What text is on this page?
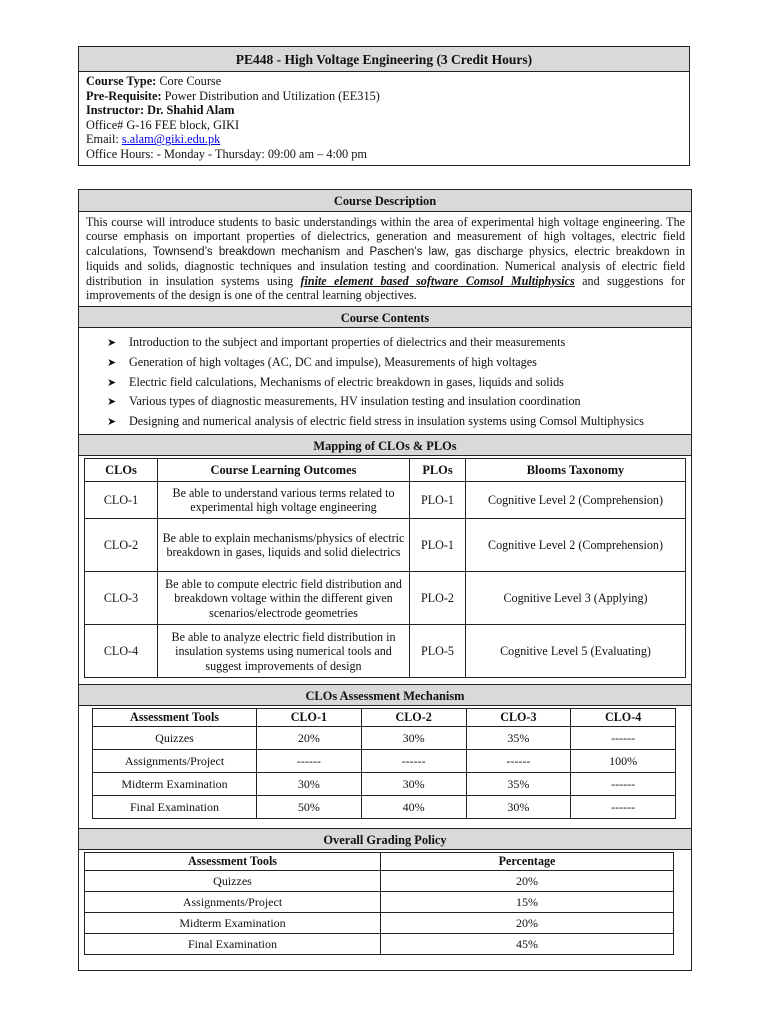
PE448 - High Voltage Engineering (3 Credit Hours)
Course Type: Core Course
Pre-Requisite: Power Distribution and Utilization (EE315)
Instructor: Dr. Shahid Alam
Office# G-16 FEE block, GIKI
Email: s.alam@giki.edu.pk
Office Hours: - Monday - Thursday: 09:00 am – 4:00 pm
Course Description
This course will introduce students to basic understandings within the area of experimental high voltage engineering. The course emphasis on important properties of dielectrics, generation and measurement of high voltages, electric field calculations, Townsend’s breakdown mechanism and Paschen’s law, gas discharge physics, electric breakdown in liquids and solids, diagnostic techniques and insulation testing and coordination. Numerical analysis of electric field distribution in insulation systems using finite element based software Comsol Multiphysics and suggestions for improvements of the design is one of the central learning objectives.
Course Contents
➤ Introduction to the subject and important properties of dielectrics and their measurements
➤ Generation of high voltages (AC, DC and impulse), Measurements of high voltages
➤ Electric field calculations, Mechanisms of electric breakdown in gases, liquids and solids
➤ Various types of diagnostic measurements, HV insulation testing and insulation coordination
➤ Designing and numerical analysis of electric field stress in insulation systems using Comsol Multiphysics
Mapping of CLOs & PLOs
CLOs	Course Learning Outcomes	PLOs	Blooms Taxonomy
CLO-1	Be able to understand various terms related to experimental high voltage engineering	PLO-1	Cognitive Level 2 (Comprehension)
CLO-2	Be able to explain mechanisms/physics of electric breakdown in gases, liquids and solid dielectrics	PLO-1	Cognitive Level 2 (Comprehension)
CLO-3	Be able to compute electric field distribution and breakdown voltage within the different given scenarios/electrode geometries	PLO-2	Cognitive Level 3 (Applying)
CLO-4	Be able to analyze electric field distribution in insulation systems using numerical tools and suggest improvements of design	PLO-5	Cognitive Level 5 (Evaluating)
CLOs Assessment Mechanism
Assessment Tools	CLO-1	CLO-2	CLO-3	CLO-4
Quizzes	20%	30%	35%	------
Assignments/Project	------	------	------	100%
Midterm Examination	30%	30%	35%	------
Final Examination	50%	40%	30%	------
Overall Grading Policy
Assessment Tools	Percentage
Quizzes	20%
Assignments/Project	15%
Midterm Examination	20%
Final Examination	45%
